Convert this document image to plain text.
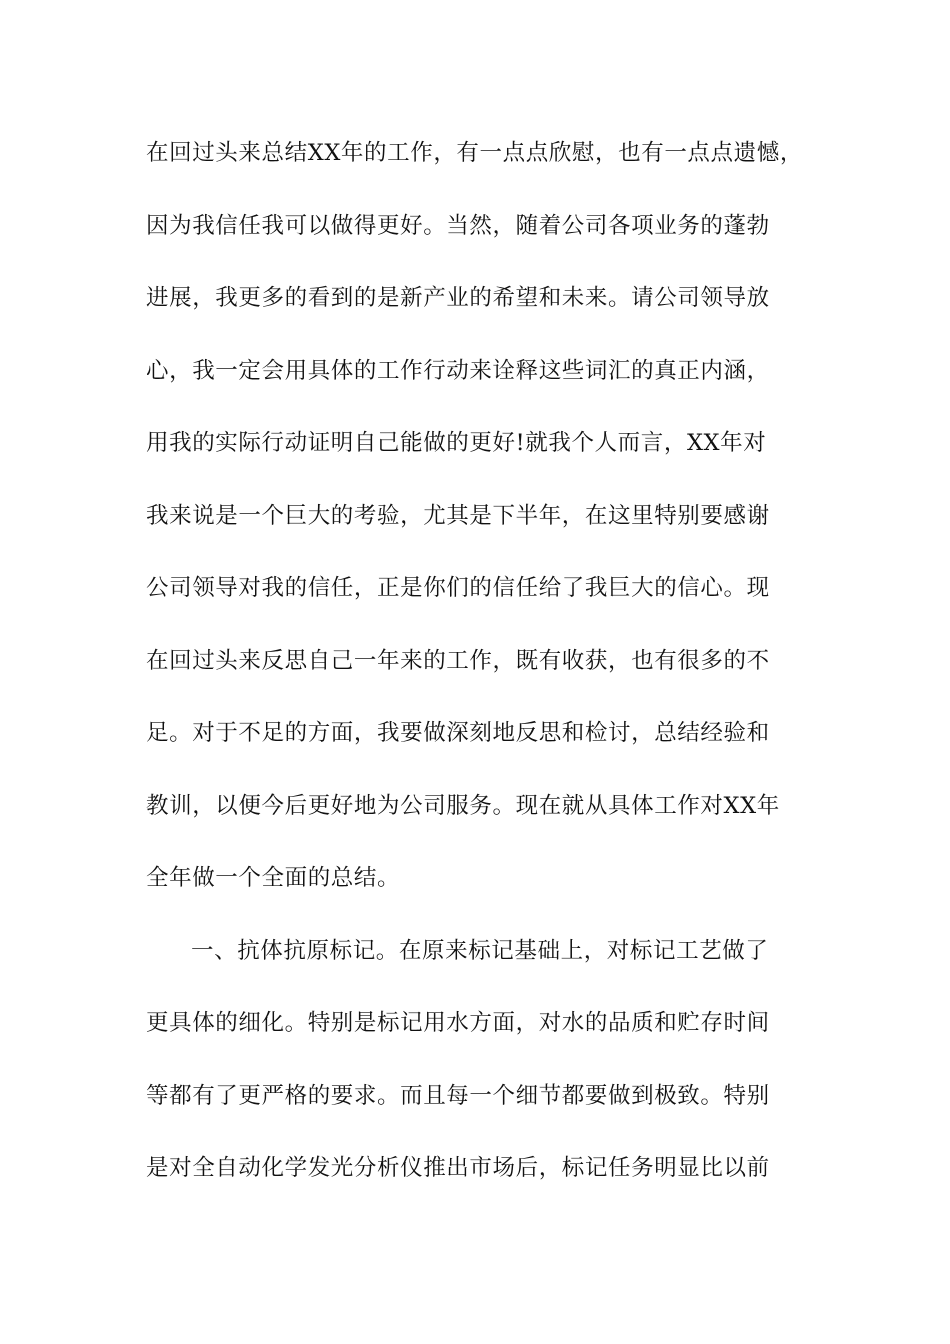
在回过头来总结XX年的工作，有一点点欣慰，也有一点点遗憾，
因为我信任我可以做得更好。当然，随着公司各项业务的蓬勃
进展，我更多的看到的是新产业的希望和未来。请公司领导放
心，我一定会用具体的工作行动来诠释这些词汇的真正内涵，
用我的实际行动证明自己能做的更好!就我个人而言，XX年对
我来说是一个巨大的考验，尤其是下半年，在这里特别要感谢
公司领导对我的信任，正是你们的信任给了我巨大的信心。现
在回过头来反思自己一年来的工作，既有收获，也有很多的不
足。对于不足的方面，我要做深刻地反思和检讨，总结经验和
教训，以便今后更好地为公司服务。现在就从具体工作对XX年
全年做一个全面的总结。
一、抗体抗原标记。在原来标记基础上，对标记工艺做了
更具体的细化。特别是标记用水方面，对水的品质和贮存时间
等都有了更严格的要求。而且每一个细节都要做到极致。特别
是对全自动化学发光分析仪推出市场后，标记任务明显比以前
